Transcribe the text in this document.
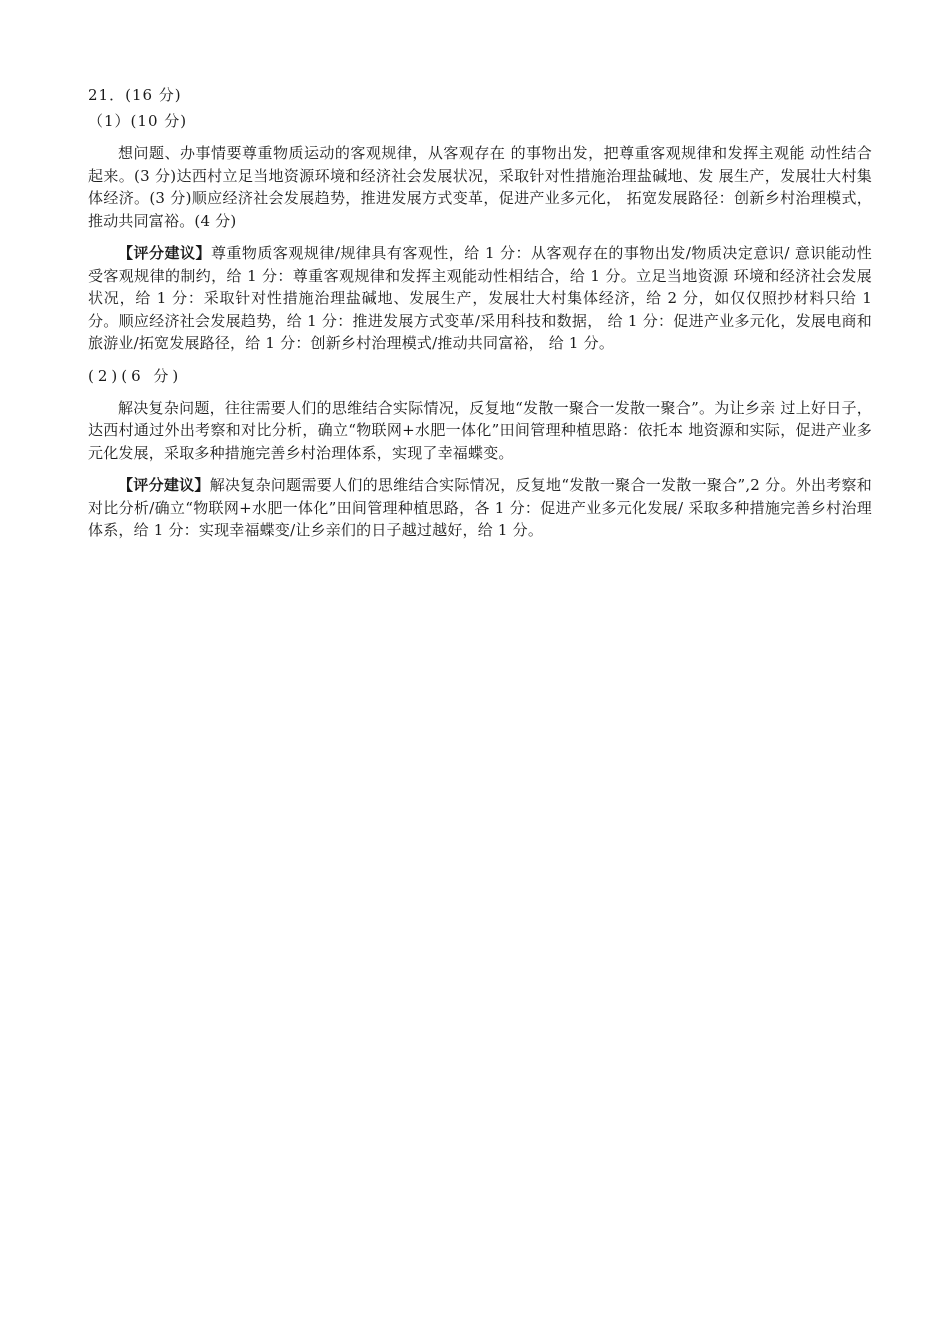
21．(16 分)
（1）(10 分)

想问题、办事情要尊重物质运动的客观规律，从客观存在 的事物出发，把尊重客观规律和发挥主观能 动性结合起来。(3 分)达西村立足当地资源环境和经济社会发展状况，采取针对性措施治理盐碱地、发 展生产，发展壮大村集体经济。(3 分)顺应经济社会发展趋势，推进发展方式变革，促进产业多元化， 拓宽发展路径：创新乡村治理模式，推动共同富裕。(4 分)

【评分建议】尊重物质客观规律/规律具有客观性，给 1 分：从客观存在的事物出发/物质决定意识/ 意识能动性受客观规律的制约，给 1 分：尊重客观规律和发挥主观能动性相结合，给 1 分。立足当地资源 环境和经济社会发展状况，给 1 分：采取针对性措施治理盐碱地、发展生产，发展壮大村集体经济，给 2 分，如仅仅照抄材料只给 1 分。顺应经济社会发展趋势，给 1 分：推进发展方式变革/采用科技和数据， 给 1 分：促进产业多元化，发展电商和旅游业/拓宽发展路径，给 1 分：创新乡村治理模式/推动共同富裕， 给 1 分。

(2)(6 分)

解决复杂问题，往往需要人们的思维结合实际情况，反复地“发散一聚合一发散一聚合”。为让乡亲 过上好日子，达西村通过外出考察和对比分析，确立“物联网+水肥一体化”田间管理种植思路：依托本 地资源和实际，促进产业多元化发展，采取多种措施完善乡村治理体系，实现了幸福蝶变。

【评分建议】解决复杂问题需要人们的思维结合实际情况，反复地“发散一聚合一发散一聚合”,2 分。外出考察和对比分析/确立“物联网+水肥一体化”田间管理种植思路，各 1 分：促进产业多元化发展/ 采取多种措施完善乡村治理体系，给 1 分：实现幸福蝶变/让乡亲们的日子越过越好，给 1 分。
